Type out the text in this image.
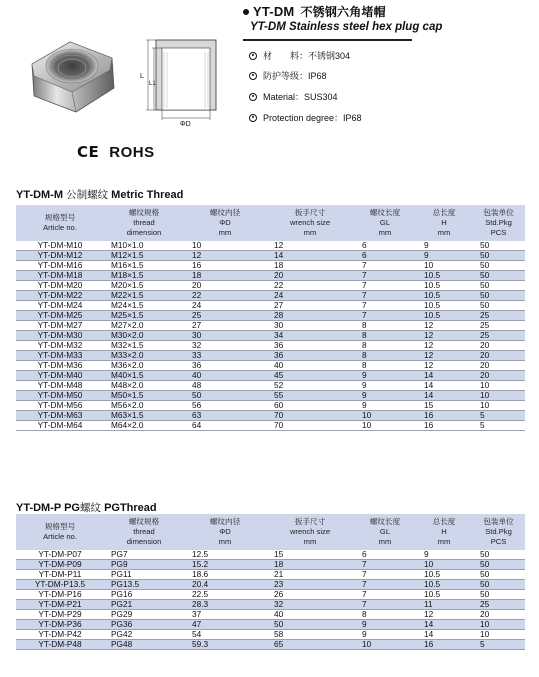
YT-DM 不锈钢六角堵帽
YT-DM Stainless steel hex plug cap
L
L1
ΦD
材　　料：不锈钢304
防护等级：IP68
Material：SUS304
Protection degree：IP68
CE ROHS
YT-DM-M 公制螺纹 Metric Thread
规格型号
Article no.	螺纹规格
thread
dimension	螺纹内径
ΦD
mm	扳手尺寸
wrench size
mm	螺纹长度
GL
mm	总长度
H
mm	包装单位
Std.Pkg
PCS
YT-DM-M10	M10×1.0	10	12	6	9	50
YT-DM-M12	M12×1.5	12	14	6	9	50
YT-DM-M16	M16×1.5	16	18	7	10	50
YT-DM-M18	M18×1.5	18	20	7	10.5	50
YT-DM-M20	M20×1.5	20	22	7	10.5	50
YT-DM-M22	M22×1.5	22	24	7	10.5	50
YT-DM-M24	M24×1.5	24	27	7	10.5	50
YT-DM-M25	M25×1.5	25	28	7	10.5	25
YT-DM-M27	M27×2.0	27	30	8	12	25
YT-DM-M30	M30×2.0	30	34	8	12	25
YT-DM-M32	M32×1.5	32	36	8	12	20
YT-DM-M33	M33×2.0	33	36	8	12	20
YT-DM-M36	M36×2.0	36	40	8	12	20
YT-DM-M40	M40×1.5	40	45	9	14	20
YT-DM-M48	M48×2.0	48	52	9	14	10
YT-DM-M50	M50×1.5	50	55	9	14	10
YT-DM-M56	M56×2.0	56	60	9	15	10
YT-DM-M63	M63×1.5	63	70	10	16	5
YT-DM-M64	M64×2.0	64	70	10	16	5
YT-DM-P PG螺纹 PGThread
规格型号
Article no.	螺纹规格
thread
dimension	螺纹内径
ΦD
mm	扳手尺寸
wrench size
mm	螺纹长度
GL
mm	总长度
H
mm	包装单位
Std.Pkg
PCS
YT-DM-P07	PG7	12.5	15	6	9	50
YT-DM-P09	PG9	15.2	18	7	10	50
YT-DM-P11	PG11	18.6	21	7	10.5	50
YT-DM-P13.5	PG13.5	20.4	23	7	10.5	50
YT-DM-P16	PG16	22.5	26	7	10.5	50
YT-DM-P21	PG21	28.3	32	7	11	25
YT-DM-P29	PG29	37	40	8	12	20
YT-DM-P36	PG36	47	50	9	14	10
YT-DM-P42	PG42	54	58	9	14	10
YT-DM-P48	PG48	59.3	65	10	16	5
